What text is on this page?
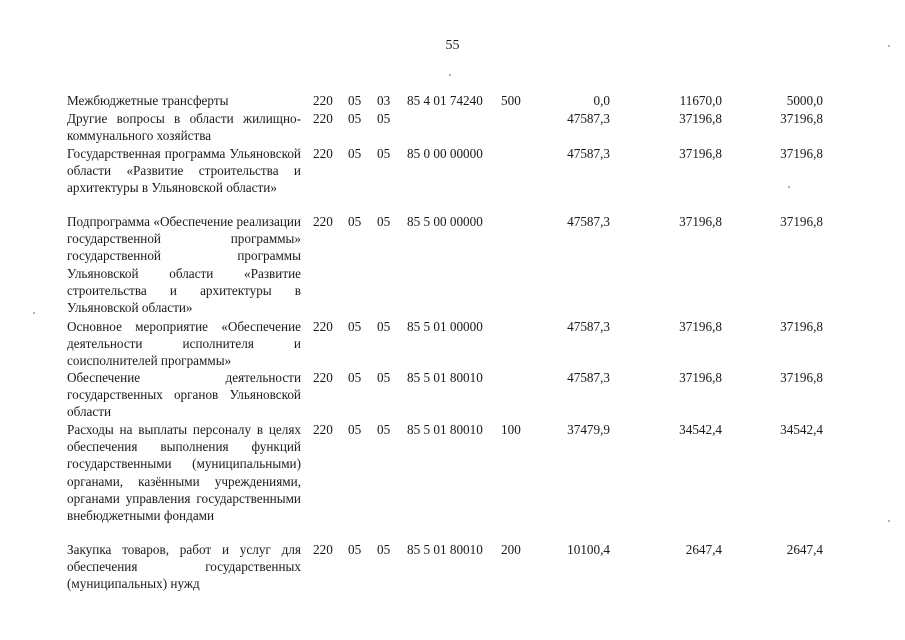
55
Межбюджетные трансферты	220 05 03 85 4 01 74240 500	0,0	11670,0	5000,0
Другие вопросы в области жилищно-коммунального хозяйства
220 05 05	47587,3	37196,8	37196,8
Государственная программа Ульяновской области «Развитие строительства и архитектуры в Ульяновской области»
220 05 05 85 0 00 00000	47587,3	37196,8	37196,8
Подпрограмма «Обеспечение реализации государственной программы» государственной программы Ульяновской области «Развитие строительства и архитектуры в Ульяновской области»
220 05 05 85 5 00 00000	47587,3	37196,8	37196,8
Основное мероприятие «Обеспечение деятельности исполнителя и соисполнителей программы»
220 05 05 85 5 01 00000	47587,3	37196,8	37196,8
Обеспечение деятельности государственных органов Ульяновской области
220 05 05 85 5 01 80010	47587,3	37196,8	37196,8
Расходы на выплаты персоналу в целях обеспечения выполнения функций государственными (муниципальными) органами, казёнными учреждениями, органами управления государственными внебюджетными фондами
220 05 05 85 5 01 80010 100	37479,9	34542,4	34542,4
Закупка товаров, работ и услуг для обеспечения государственных (муниципальных) нужд
220 05 05 85 5 01 80010 200	10100,4	2647,4	2647,4
